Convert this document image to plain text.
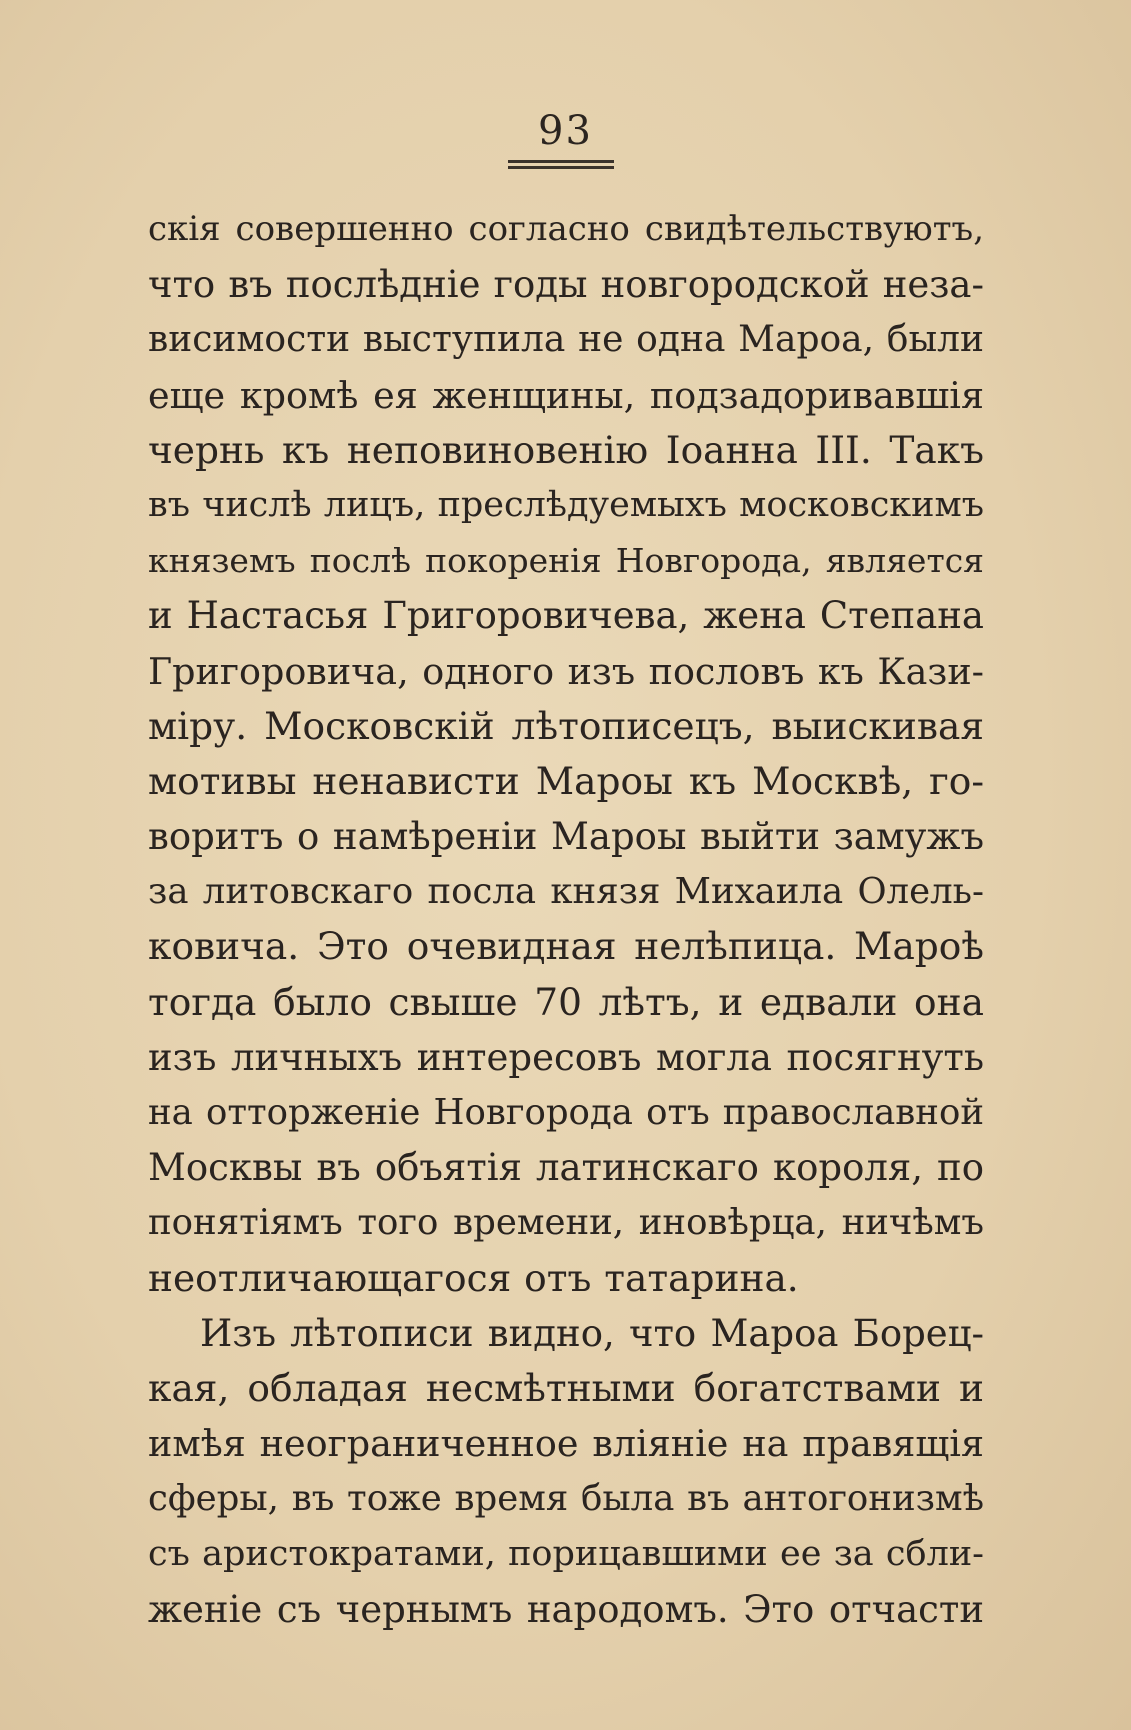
93
скія совершенно согласно свидѣтельствуютъ,
что въ послѣдніе годы новгородской неза-
висимости выступила не одна Мароа, были
еще кромѣ ея женщины, подзадоривавшія
чернь къ неповиновенію Іоанна III. Такъ
въ числѣ лицъ, преслѣдуемыхъ московскимъ
княземъ послѣ покоренія Новгорода, является
и Настасья Григоровичева, жена Степана
Григоровича, одного изъ пословъ къ Кази-
міру. Московскій лѣтописецъ, выискивая
мотивы ненависти Мароы къ Москвѣ, го-
воритъ о намѣреніи Мароы выйти замужъ
за литовскаго посла князя Михаила Олель-
ковича. Это очевидная нелѣпица. Мароѣ
тогда было свыше 70 лѣтъ, и едвали она
изъ личныхъ интересовъ могла посягнуть
на отторженіе Новгорода отъ православной
Москвы въ объятія латинскаго короля, по
понятіямъ того времени, иновѣрца, ничѣмъ
неотличающагося отъ татарина.
Изъ лѣтописи видно, что Мароа Борец-
кая, обладая несмѣтными богатствами и
имѣя неограниченное вліяніе на правящія
сферы, въ тоже время была въ антогонизмѣ
съ аристократами, порицавшими ее за сбли-
женіе съ чернымъ народомъ. Это отчасти
